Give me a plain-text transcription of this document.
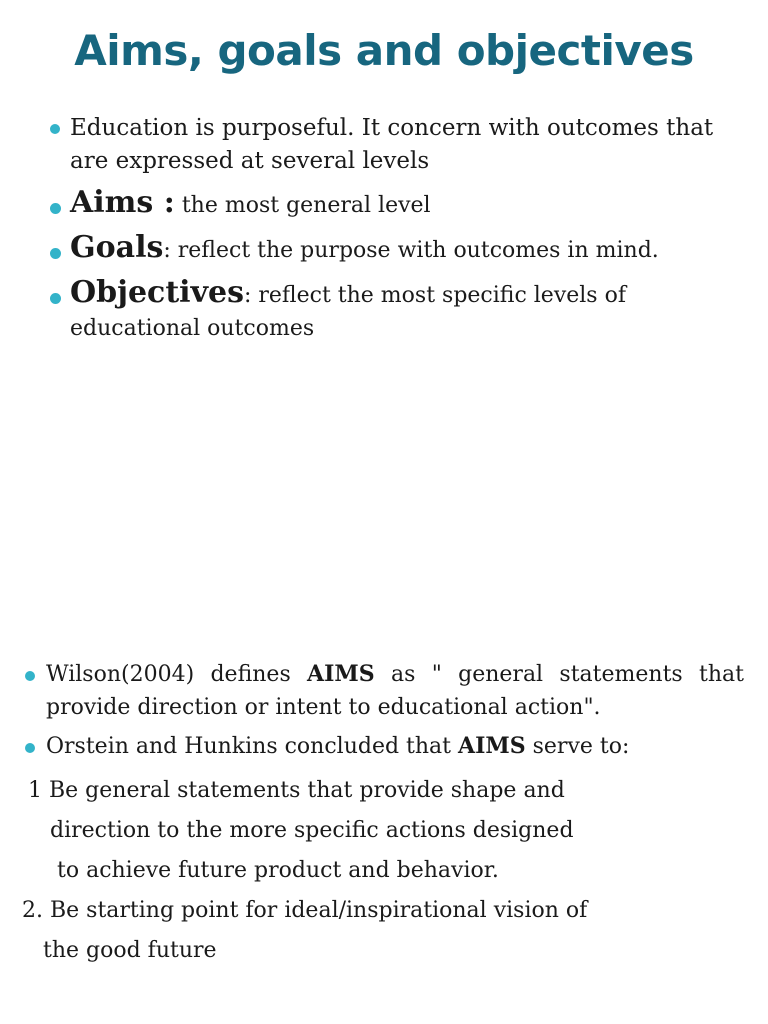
Aims, goals and objectives
Education is purposeful. It concern with outcomes that are expressed at several levels
Aims : the most general level
Goals: reflect the purpose with outcomes in mind.
Objectives: reflect the most specific levels of educational outcomes
Wilson(2004) defines AIMS as " general statements that provide direction or intent to educational action".
Orstein and Hunkins concluded that AIMS serve to:
1 Be general statements that provide shape and
direction to the more specific actions designed
to achieve future product and behavior.
2. Be starting point for ideal/inspirational vision of
the good future
